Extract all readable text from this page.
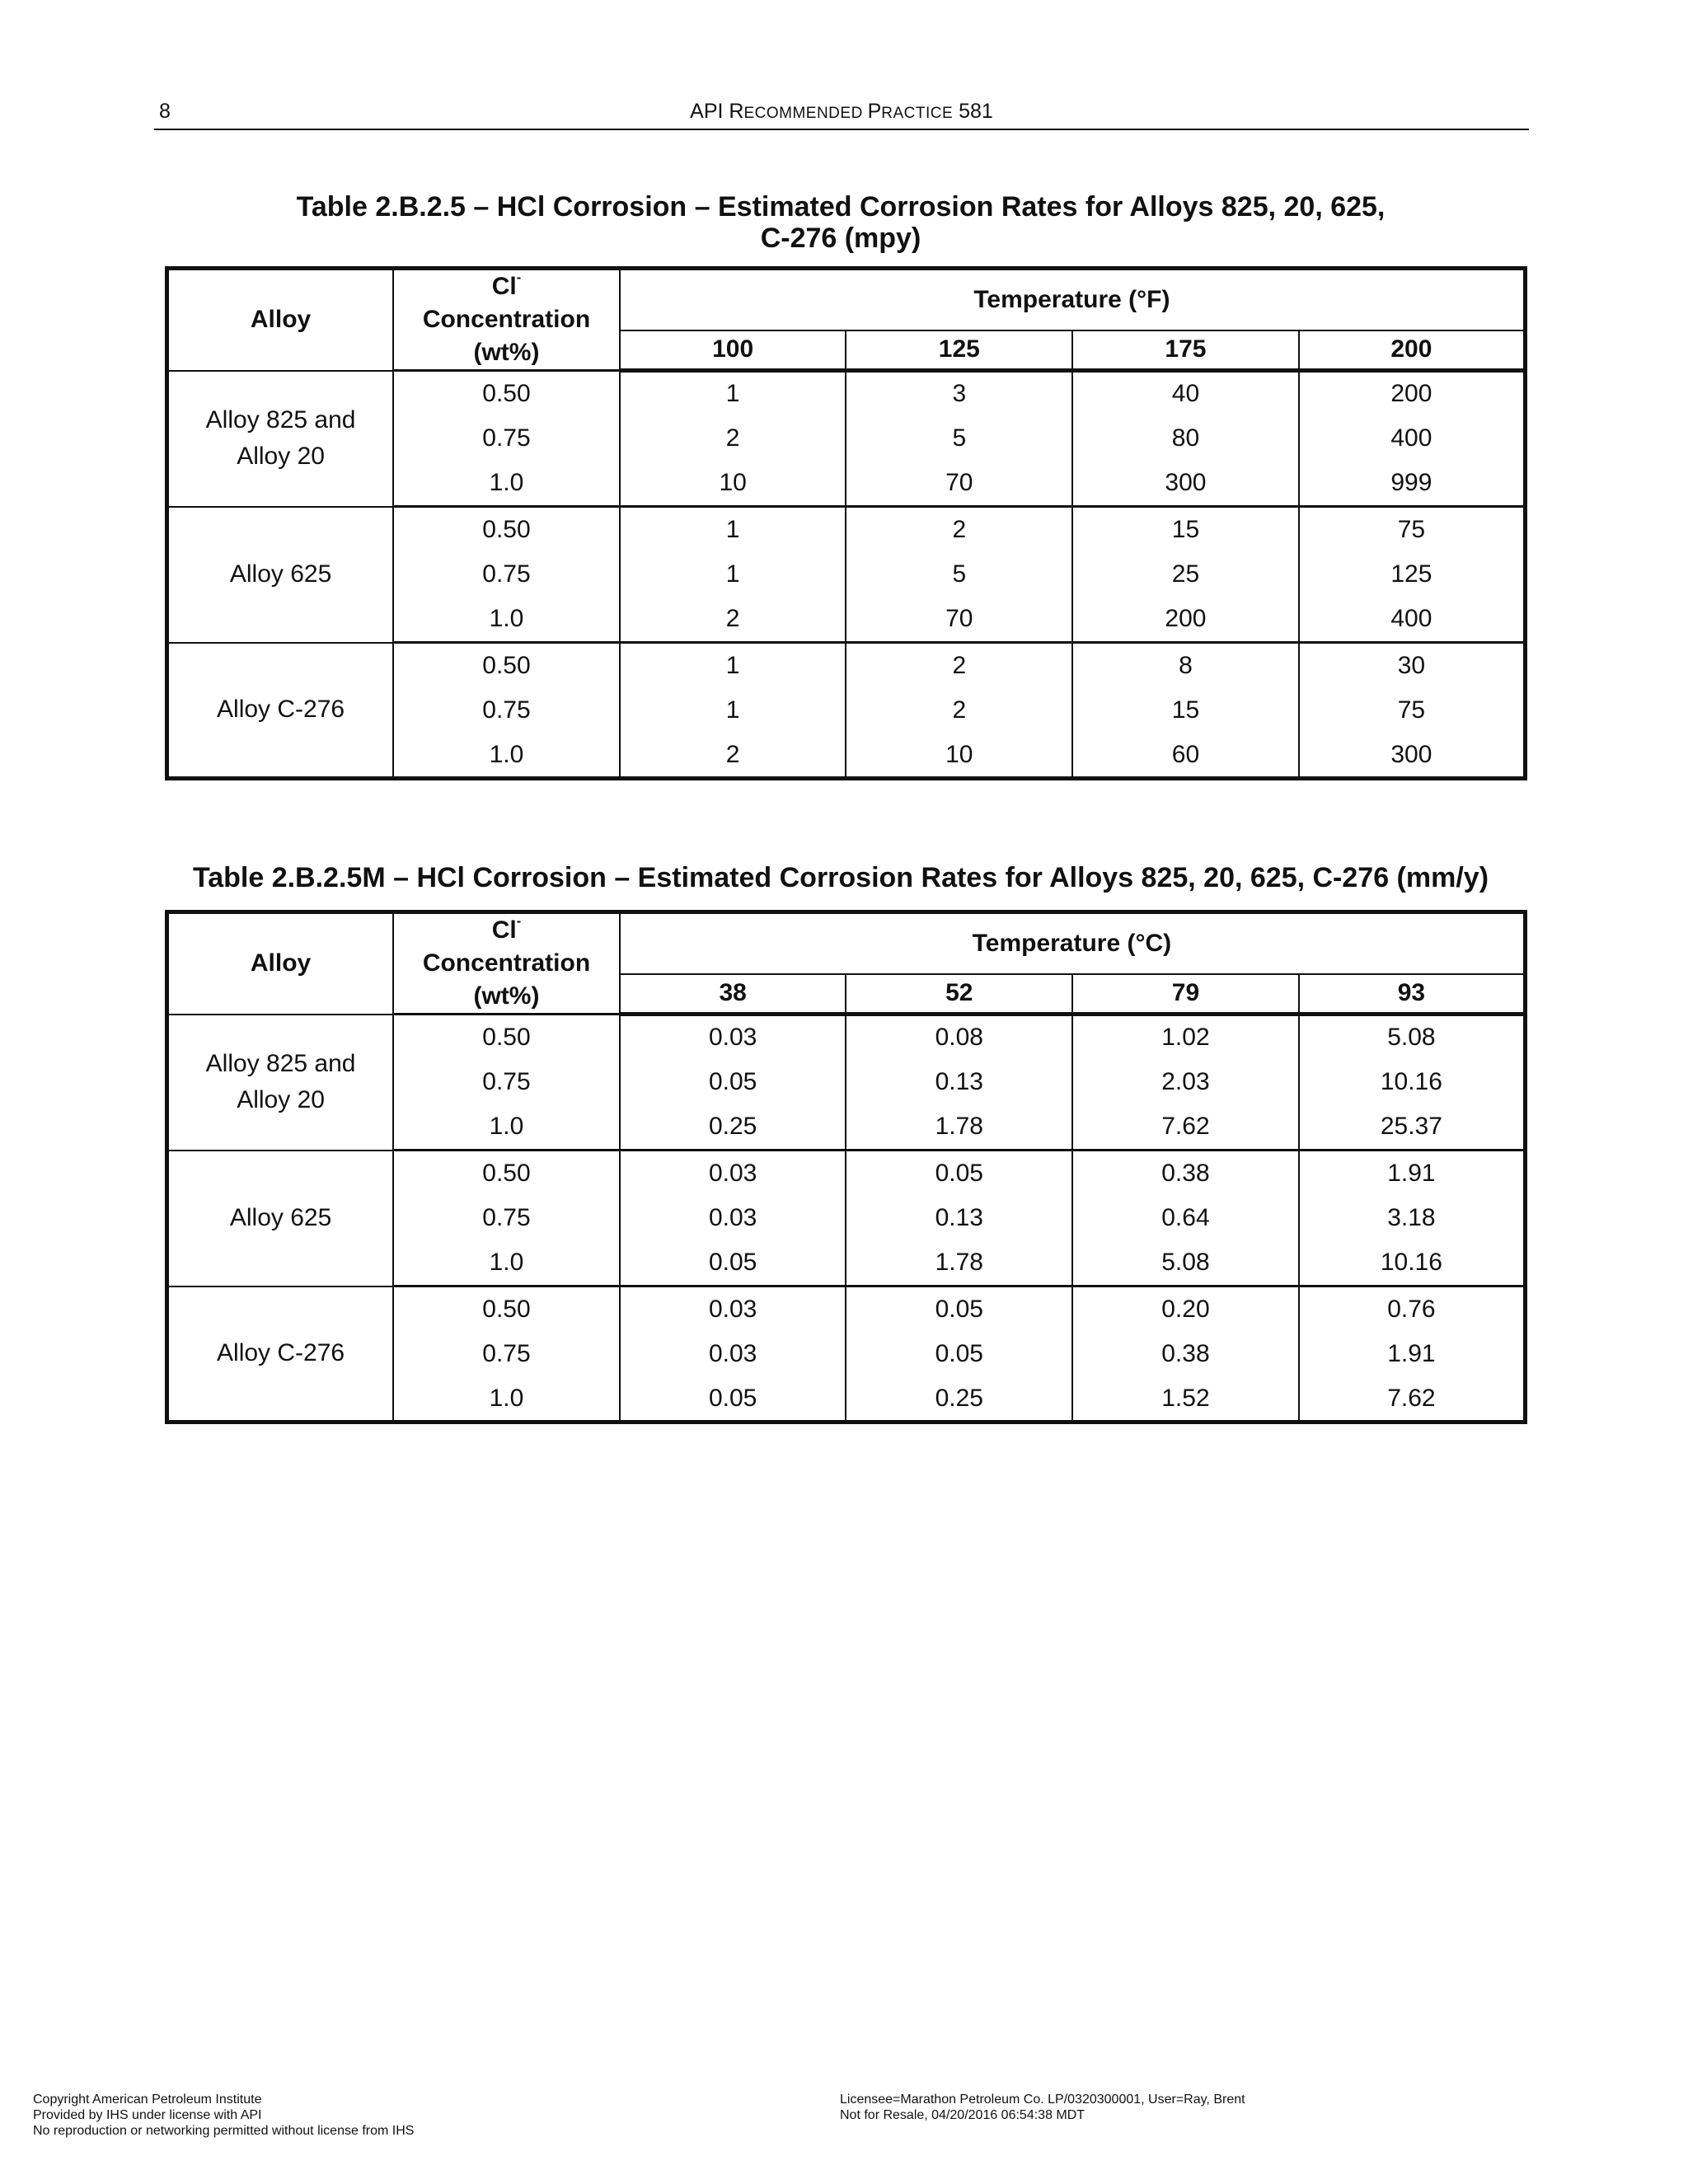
8	API RECOMMENDED PRACTICE 581
Table 2.B.2.5 – HCl Corrosion – Estimated Corrosion Rates for Alloys 825, 20, 625,
C-276 (mpy)
Alloy	Cl-
Concentration
(wt%)	Temperature (°F)			
		100	125	175	200

Alloy 825 and
Alloy 20	0.50	1	3	40	200
	0.75	2	5	80	400
	1.0	10	70	300	999

Alloy 625	0.50	1	2	15	75
	0.75	1	5	25	125
	1.0	2	70	200	400

Alloy C-276	0.50	1	2	8	30
	0.75	1	2	15	75
	1.0	2	10	60	300
Table 2.B.2.5M – HCl Corrosion – Estimated Corrosion Rates for Alloys 825, 20, 625, C-276 (mm/y)
Alloy	Cl-
Concentration
(wt%)	Temperature (°C)			
		38	52	79	93

Alloy 825 and
Alloy 20	0.50	0.03	0.08	1.02	5.08
	0.75	0.05	0.13	2.03	10.16
	1.0	0.25	1.78	7.62	25.37

Alloy 625	0.50	0.03	0.05	0.38	1.91
	0.75	0.03	0.13	0.64	3.18
	1.0	0.05	1.78	5.08	10.16

Alloy C-276	0.50	0.03	0.05	0.20	0.76
	0.75	0.03	0.05	0.38	1.91
	1.0	0.05	0.25	1.52	7.62
Copyright American Petroleum Institute
Provided by IHS under license with API
No reproduction or networking permitted without license from IHS
Licensee=Marathon Petroleum Co. LP/0320300001, User=Ray, Brent
Not for Resale, 04/20/2016 06:54:38 MDT
